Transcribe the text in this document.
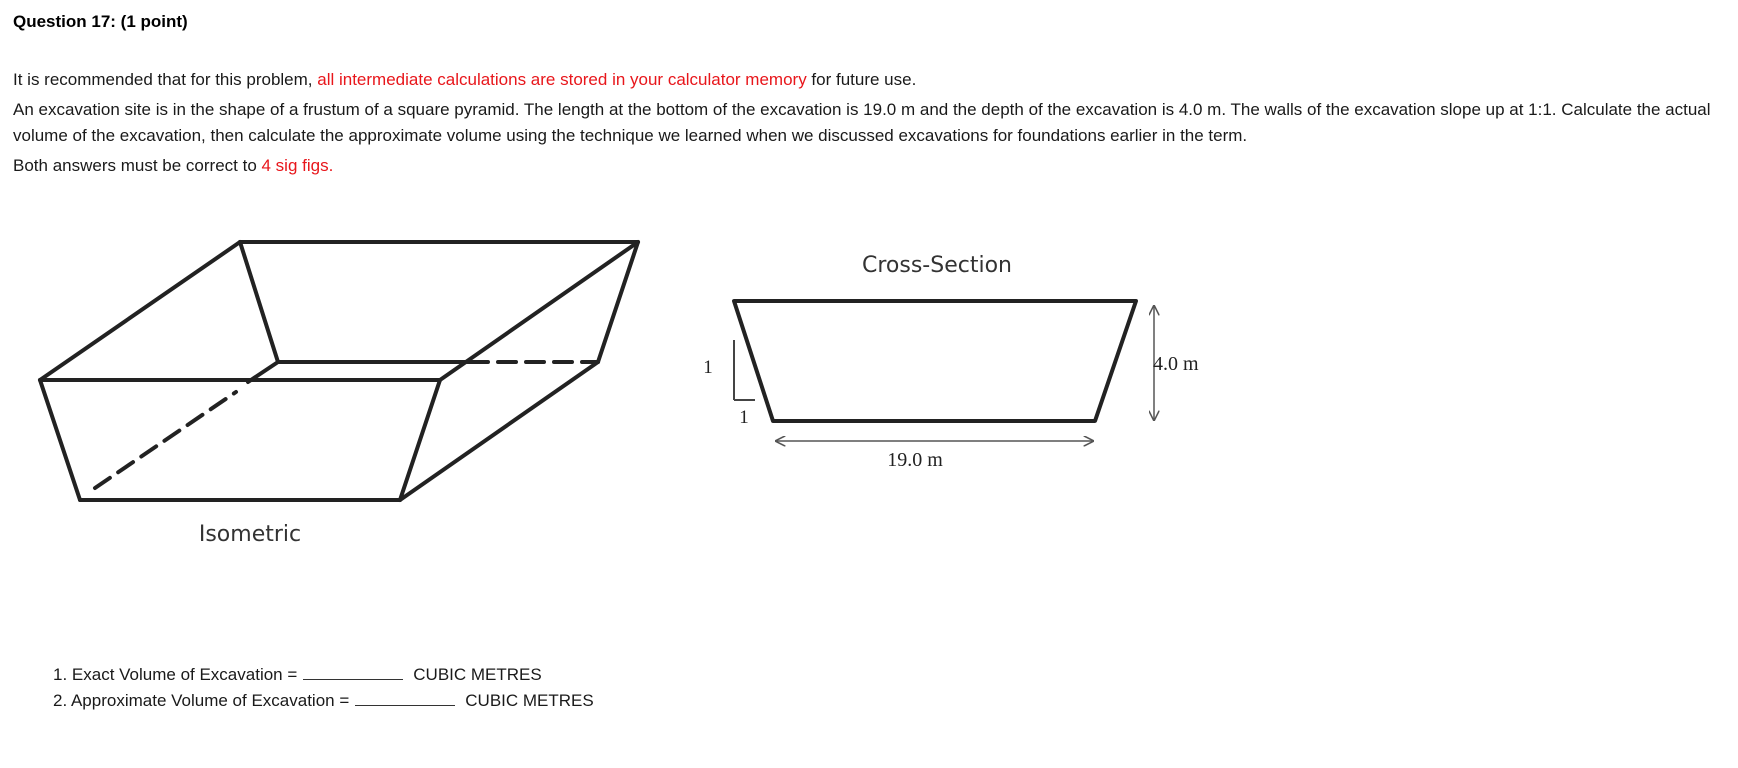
Question 17: (1 point)
It is recommended that for this problem, all intermediate calculations are stored in your calculator memory for future use.
An excavation site is in the shape of a frustum of a square pyramid. The length at the bottom of the excavation is 19.0 m and the depth of the excavation is 4.0 m. The walls of the excavation slope up at 1:1. Calculate the actual volume of the excavation, then calculate the approximate volume using the technique we learned when we discussed excavations for foundations earlier in the term.
Both answers must be correct to 4 sig figs.
Isometric
Cross-Section
1
1
4.0 m
19.0 m
1. Exact Volume of Excavation =	CUBIC METRES
2. Approximate Volume of Excavation =	CUBIC METRES
